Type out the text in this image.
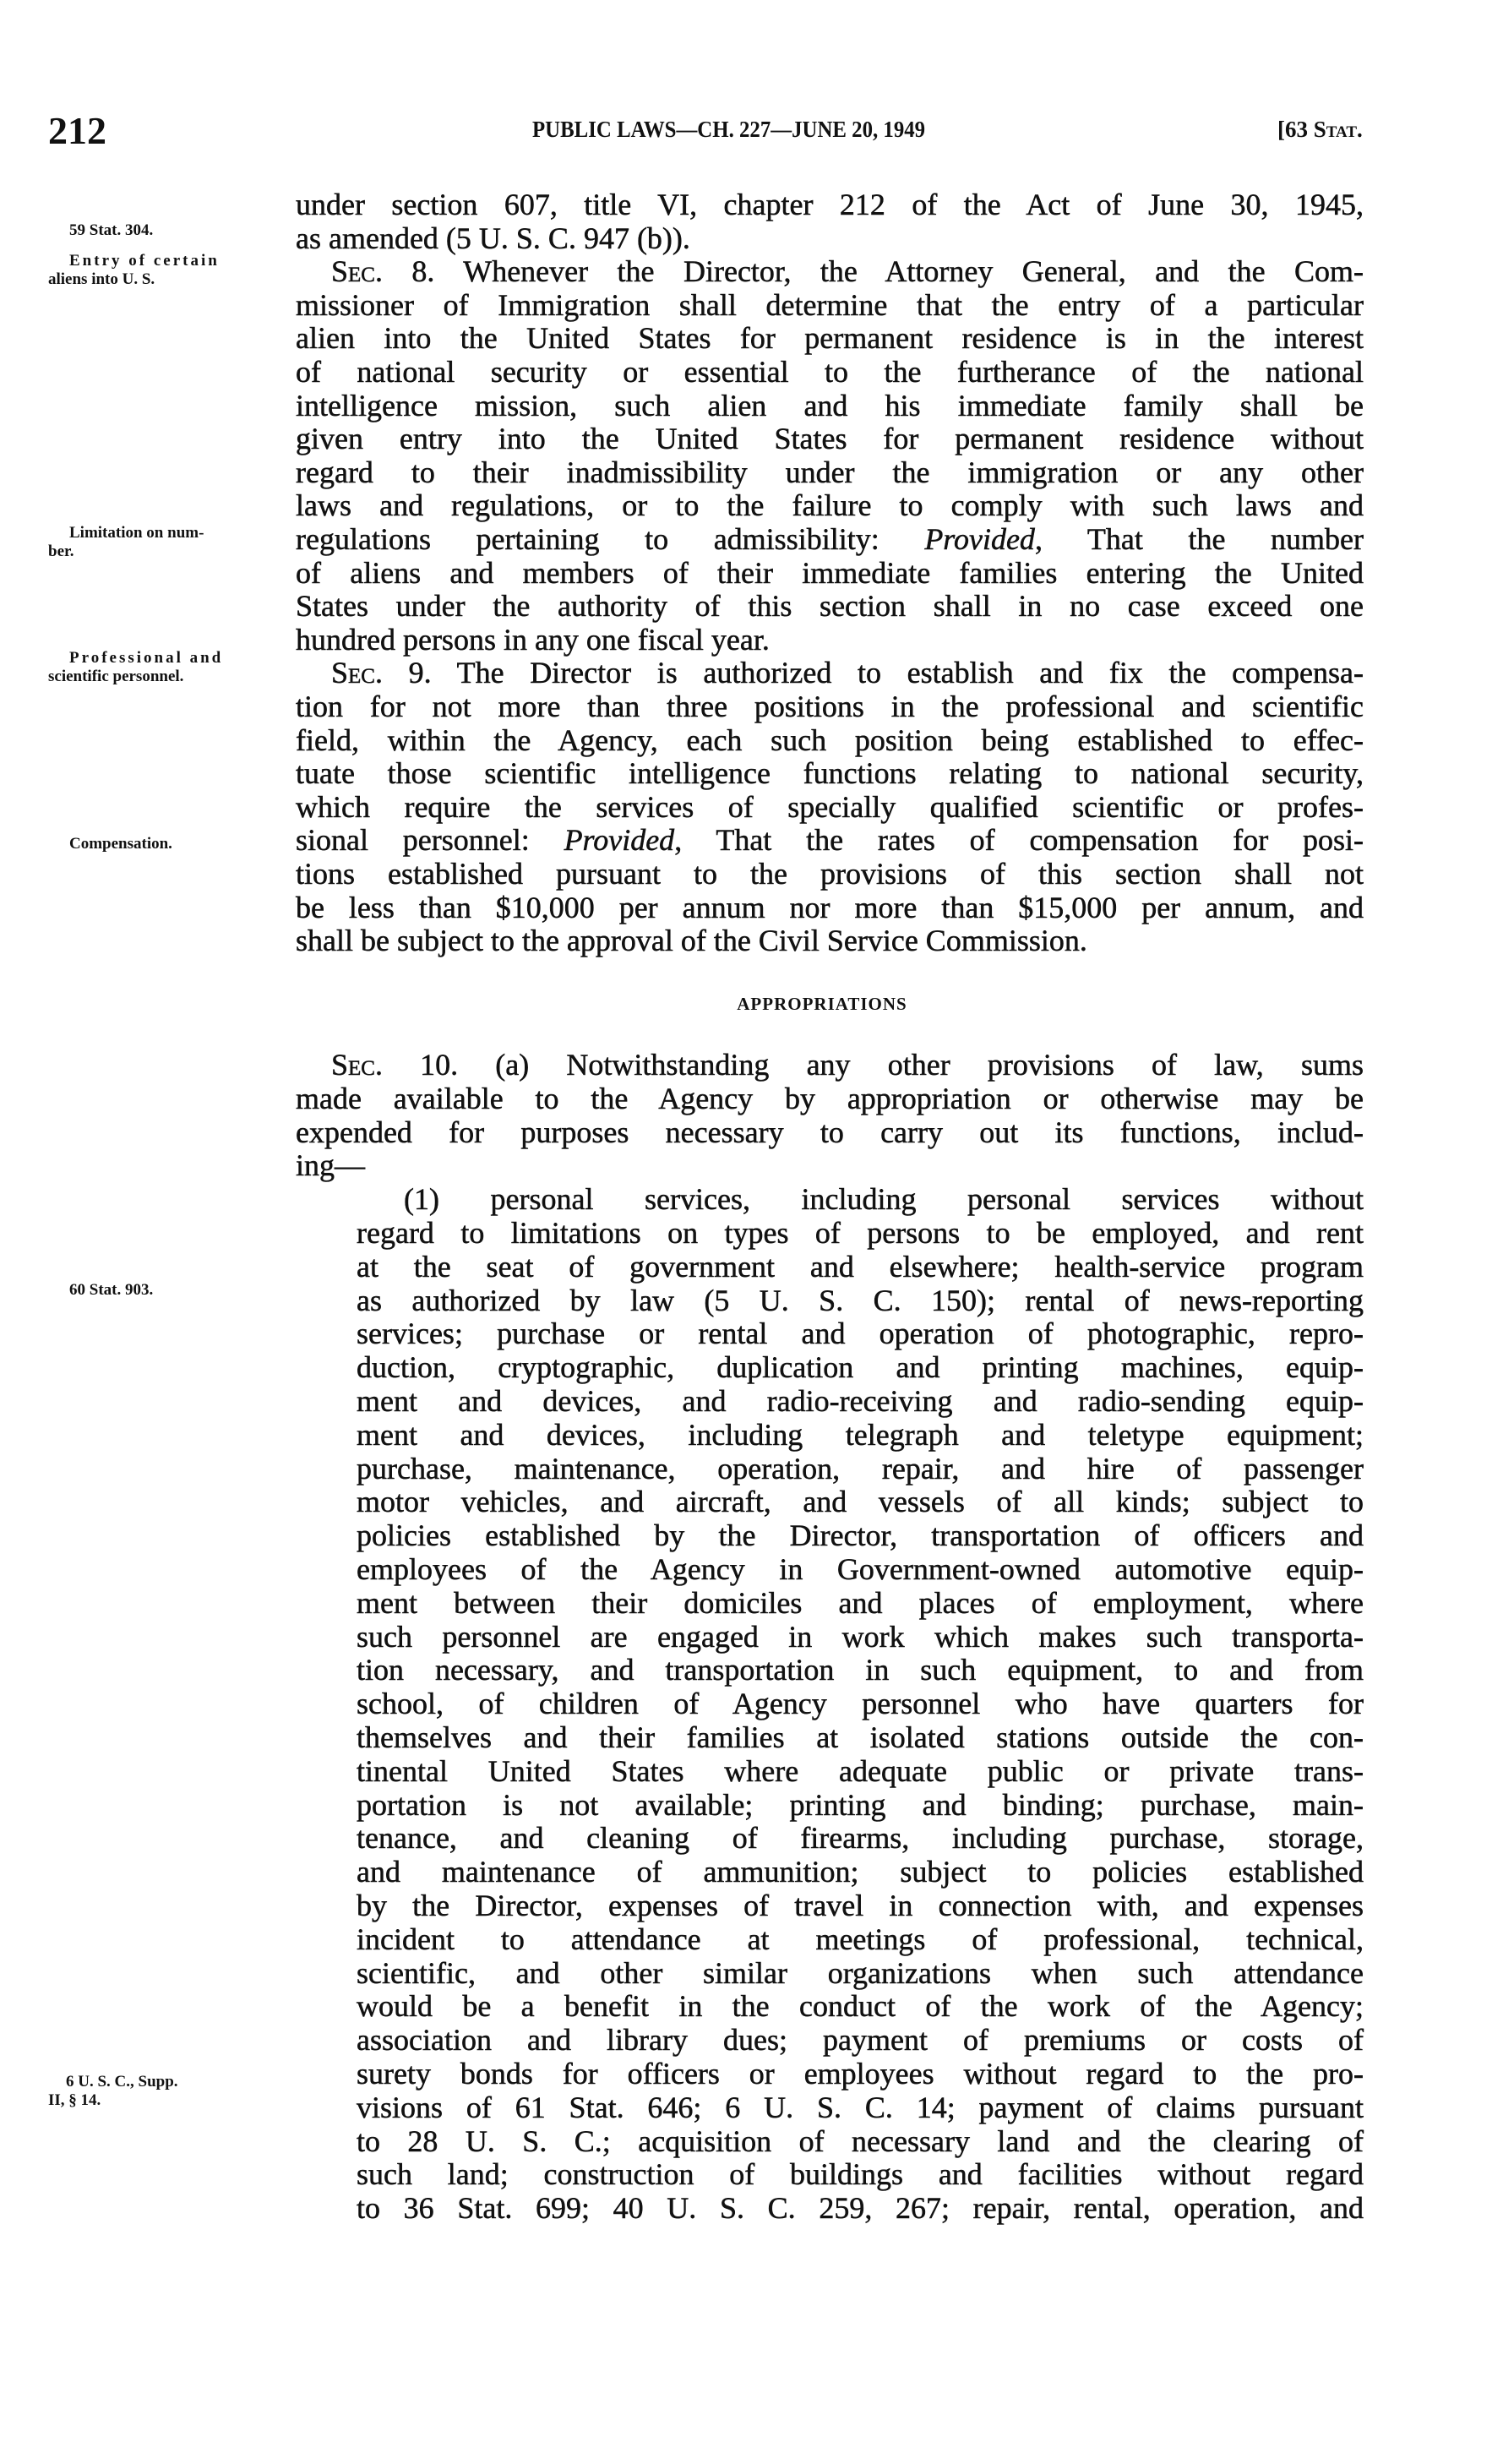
212	PUBLIC LAWS—CH. 227—JUNE 20, 1949	[63 Stat.
59 Stat. 304.
Entry of certain
aliens into U. S.
Limitation on num-
ber.
Professional and
scientific personnel.
Compensation.
60 Stat. 903.
6 U. S. C., Supp.
II, § 14.
under section 607, title VI, chapter 212 of the Act of June 30, 1945,
as amended (5 U. S. C. 947 (b)).
Sec. 8. Whenever the Director, the Attorney General, and the Com-
missioner of Immigration shall determine that the entry of a particular
alien into the United States for permanent residence is in the interest
of national security or essential to the furtherance of the national
intelligence mission, such alien and his immediate family shall be
given entry into the United States for permanent residence without
regard to their inadmissibility under the immigration or any other
laws and regulations, or to the failure to comply with such laws and
regulations pertaining to admissibility: Provided, That the number
of aliens and members of their immediate families entering the United
States under the authority of this section shall in no case exceed one
hundred persons in any one fiscal year.
Sec. 9. The Director is authorized to establish and fix the compensa-
tion for not more than three positions in the professional and scientific
field, within the Agency, each such position being established to effec-
tuate those scientific intelligence functions relating to national security,
which require the services of specially qualified scientific or profes-
sional personnel: Provided, That the rates of compensation for posi-
tions established pursuant to the provisions of this section shall not
be less than $10,000 per annum nor more than $15,000 per annum, and
shall be subject to the approval of the Civil Service Commission.
Sec. 10. (a) Notwithstanding any other provisions of law, sums
made available to the Agency by appropriation or otherwise may be
expended for purposes necessary to carry out its functions, includ-
ing—
(1) personal services, including personal services without
regard to limitations on types of persons to be employed, and rent
at the seat of government and elsewhere; health-service program
as authorized by law (5 U. S. C. 150); rental of news-reporting
services; purchase or rental and operation of photographic, repro-
duction, cryptographic, duplication and printing machines, equip-
ment and devices, and radio-receiving and radio-sending equip-
ment and devices, including telegraph and teletype equipment;
purchase, maintenance, operation, repair, and hire of passenger
motor vehicles, and aircraft, and vessels of all kinds; subject to
policies established by the Director, transportation of officers and
employees of the Agency in Government-owned automotive equip-
ment between their domiciles and places of employment, where
such personnel are engaged in work which makes such transporta-
tion necessary, and transportation in such equipment, to and from
school, of children of Agency personnel who have quarters for
themselves and their families at isolated stations outside the con-
tinental United States where adequate public or private trans-
portation is not available; printing and binding; purchase, main-
tenance, and cleaning of firearms, including purchase, storage,
and maintenance of ammunition; subject to policies established
by the Director, expenses of travel in connection with, and expenses
incident to attendance at meetings of professional, technical,
scientific, and other similar organizations when such attendance
would be a benefit in the conduct of the work of the Agency;
association and library dues; payment of premiums or costs of
surety bonds for officers or employees without regard to the pro-
visions of 61 Stat. 646; 6 U. S. C. 14; payment of claims pursuant
to 28 U. S. C.; acquisition of necessary land and the clearing of
such land; construction of buildings and facilities without regard
to 36 Stat. 699; 40 U. S. C. 259, 267; repair, rental, operation, and
APPROPRIATIONS
